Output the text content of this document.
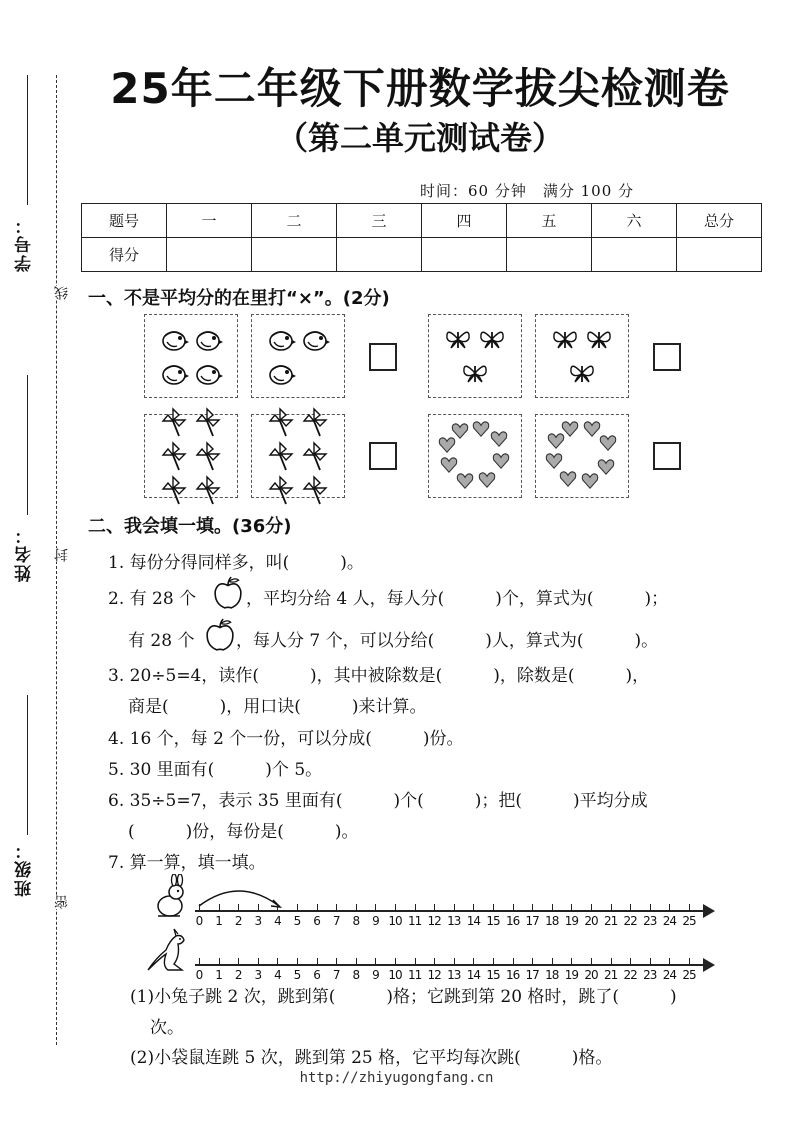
学号：
姓名：
班级：
线
封
密
25年二年级下册数学拔尖检测卷
（第二单元测试卷）
时间：60 分钟　满分 100 分
题号	一	二	三	四	五	六	总分
得分							
一、不是平均分的在里打“×”。(2分)
二、我会填一填。(36分)
1. 每份分得同样多，叫(　　　)。
2. 有 28 个	，平均分给 4 人，每人分(　　　)个，算式为(　　　)；
有 28 个 ，每人分 7 个，可以分给(　　　)人，算式为(　　　)。
3. 20÷5=4，读作(　　　)，其中被除数是(　　　)，除数是(　　　)，
商是(　　　)，用口诀(　　　)来计算。
4. 16 个，每 2 个一份，可以分成(　　　)份。
5. 30 里面有(　　　)个 5。
6. 35÷5=7，表示 35 里面有(　　　)个(　　　)；把(　　　)平均分成
(　　　)份，每份是(　　　)。
7. 算一算，填一填。
0	1	2	3	4	5	6	7	8	9 10 11 12 13 14 15 16 17 18 19 20 21 22 23 24 25
0	1	2	3	4	5	6	7	8	9 10 11 12 13 14 15 16 17 18 19 20 21 22 23 24 25
(1)小兔子跳 2 次，跳到第(　　　)格；它跳到第 20 格时，跳了(　　　)
次。
(2)小袋鼠连跳 5 次，跳到第 25 格，它平均每次跳(　　　)格。
http://zhiyugongfang.cn
